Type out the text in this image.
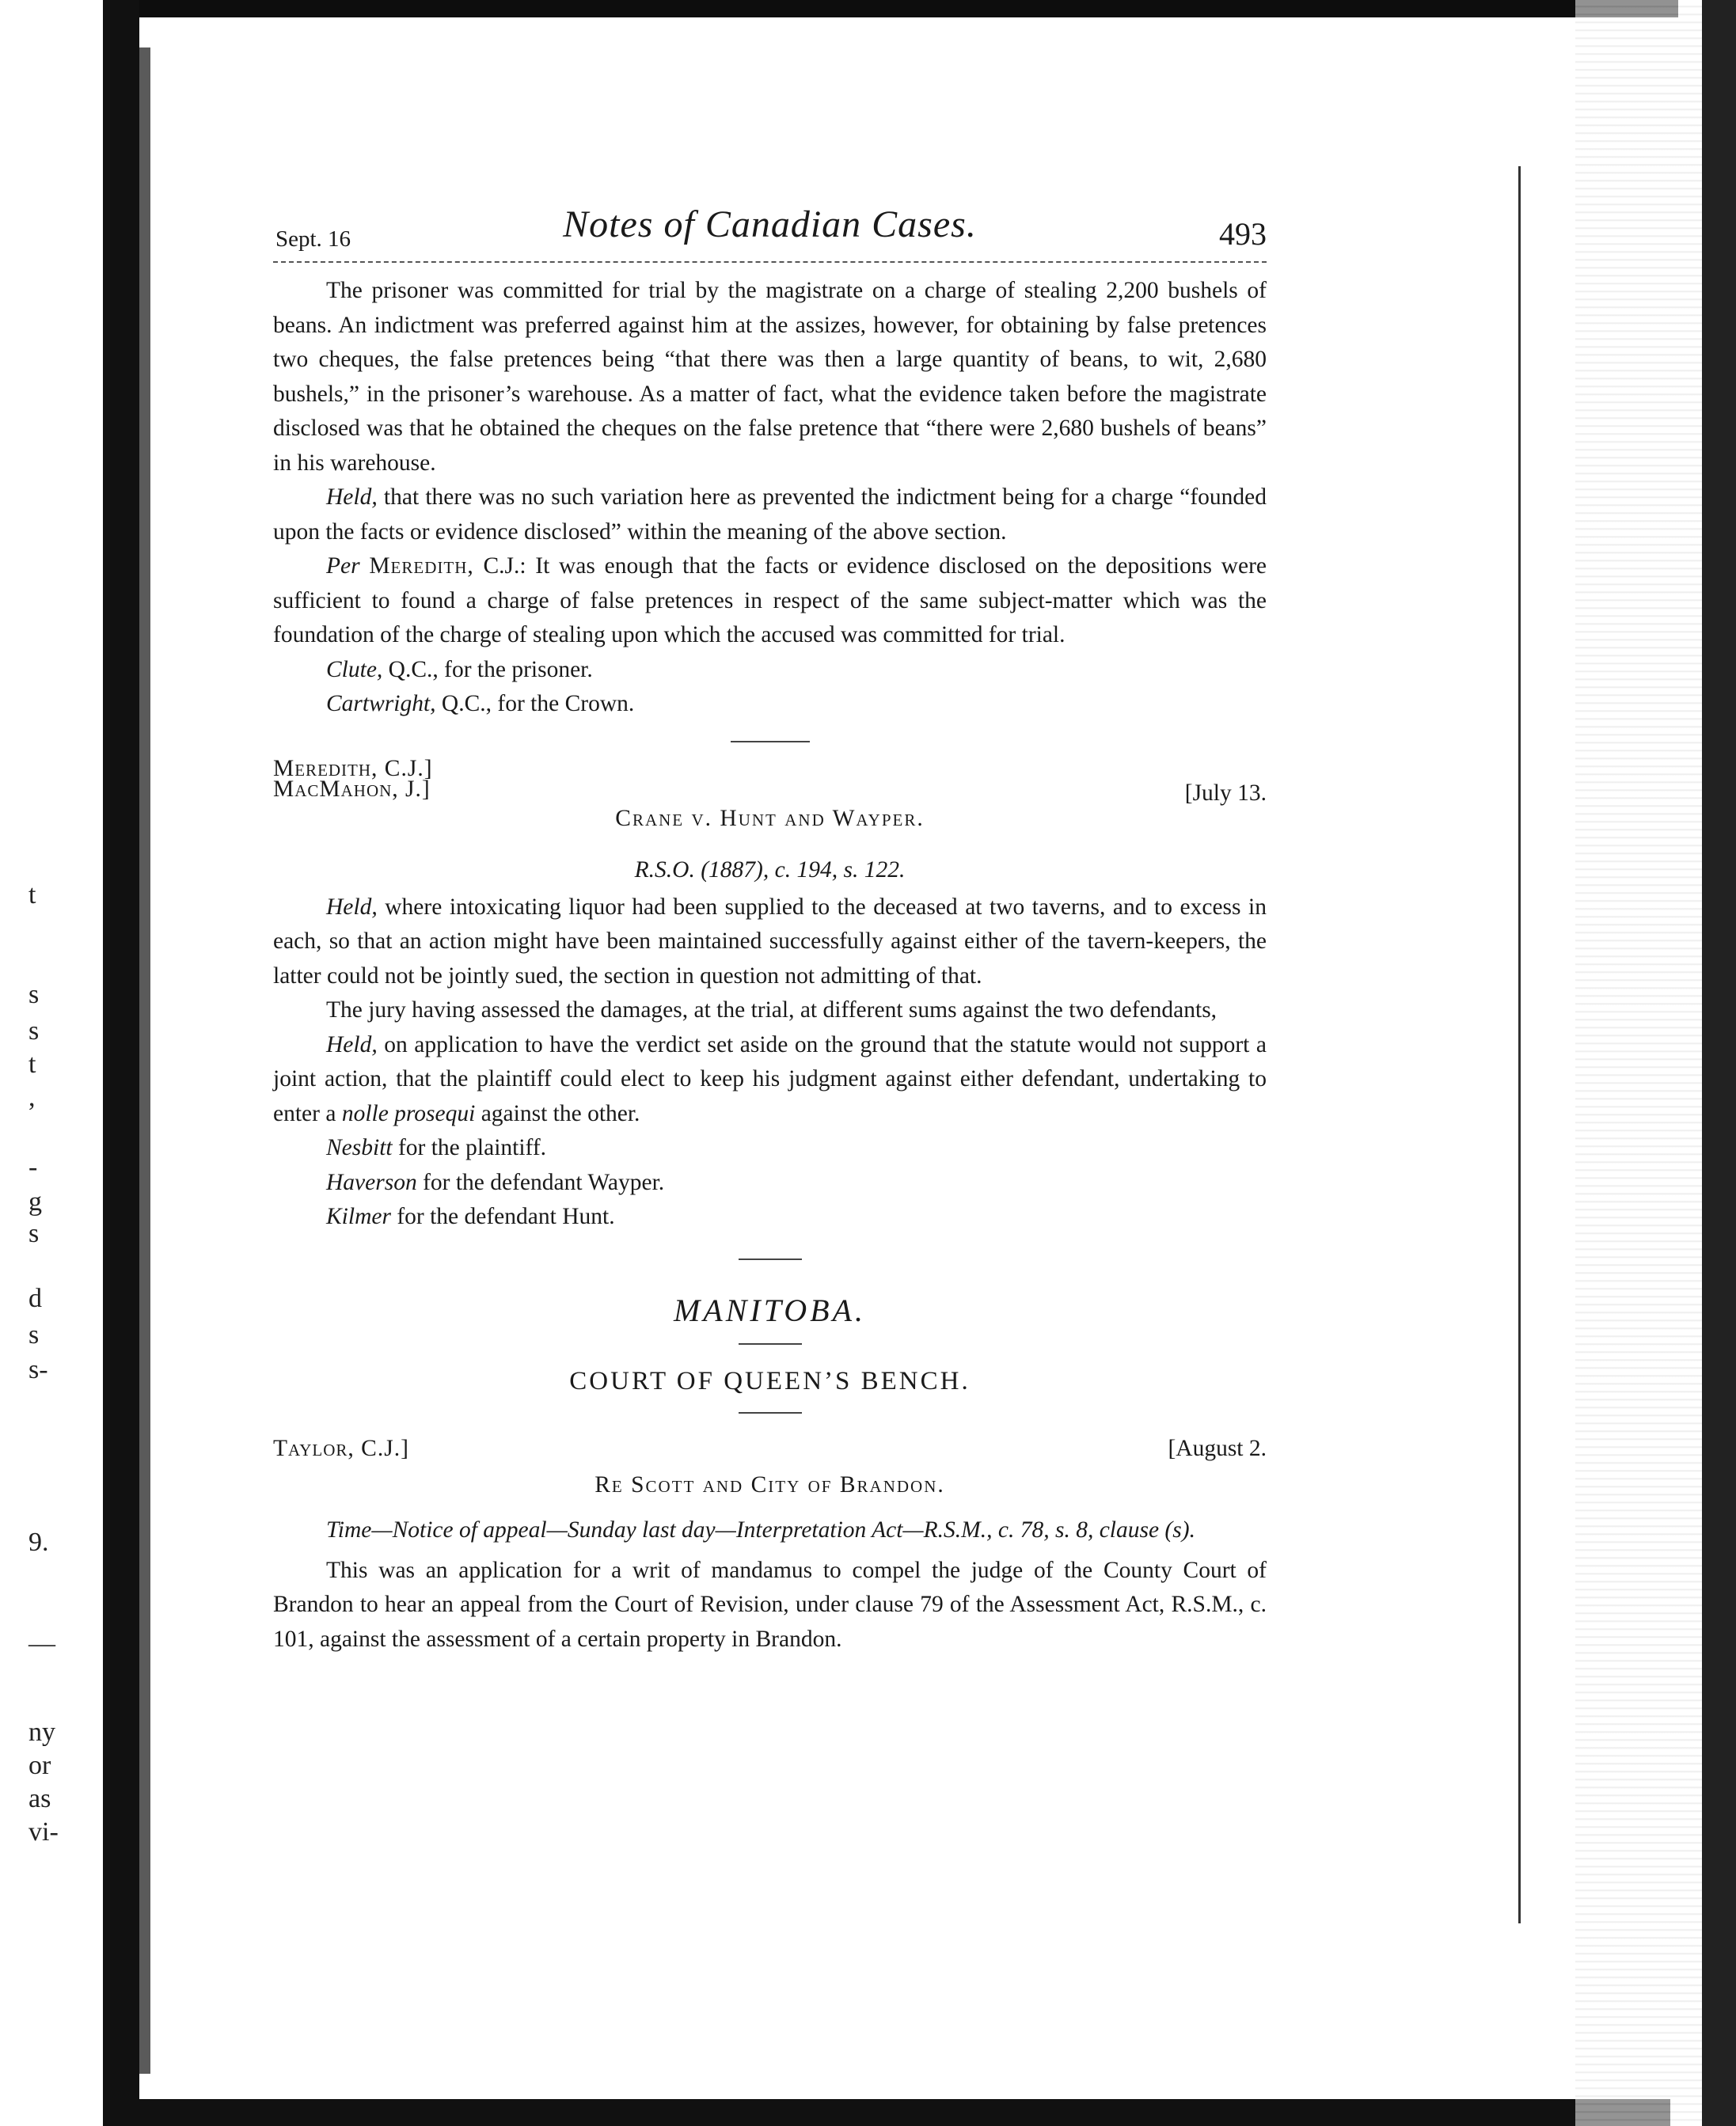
t
s
s
t
,
-
g
s
d
s
s-
9.
—
ny
or
as
vi-
Sept. 16	Notes of Canadian Cases.	493

The prisoner was committed for trial by the magistrate on a charge of stealing 2,200 bushels of beans. An indictment was preferred against him at the assizes, however, for obtaining by false pretences two cheques, the false pretences being “that there was then a large quantity of beans, to wit, 2,680 bushels,” in the prisoner’s warehouse. As a matter of fact, what the evidence taken before the magistrate disclosed was that he obtained the cheques on the false pretence that “there were 2,680 bushels of beans” in his warehouse.

Held, that there was no such variation here as prevented the indictment being for a charge “founded upon the facts or evidence disclosed” within the meaning of the above section.

Per Meredith, C.J.: It was enough that the facts or evidence disclosed on the depositions were sufficient to found a charge of false pretences in respect of the same subject-matter which was the foundation of the charge of stealing upon which the accused was committed for trial.

Clute, Q.C., for the prisoner.
Cartwright, Q.C., for the Crown.
Meredith, C.J.]
MacMahon, J.]	[July 13.
Crane v. Hunt and Wayper.
R.S.O. (1887), c. 194, s. 122.

Held, where intoxicating liquor had been supplied to the deceased at two taverns, and to excess in each, so that an action might have been maintained successfully against either of the tavern-keepers, the latter could not be jointly sued, the section in question not admitting of that.

The jury having assessed the damages, at the trial, at different sums against the two defendants,

Held, on application to have the verdict set aside on the ground that the statute would not support a joint action, that the plaintiff could elect to keep his judgment against either defendant, undertaking to enter a nolle prosequi against the other.

Nesbitt for the plaintiff.
Haverson for the defendant Wayper.
Kilmer for the defendant Hunt.
MANITOBA.
COURT OF QUEEN’S BENCH.
Taylor, C.J.]	[August 2.
Re Scott and City of Brandon.
Time—Notice of appeal—Sunday last day—Interpretation Act—R.S.M., c. 78, s. 8, clause (s).

This was an application for a writ of mandamus to compel the judge of the County Court of Brandon to hear an appeal from the Court of Revision, under clause 79 of the Assessment Act, R.S.M., c. 101, against the assessment of a certain property in Brandon.
